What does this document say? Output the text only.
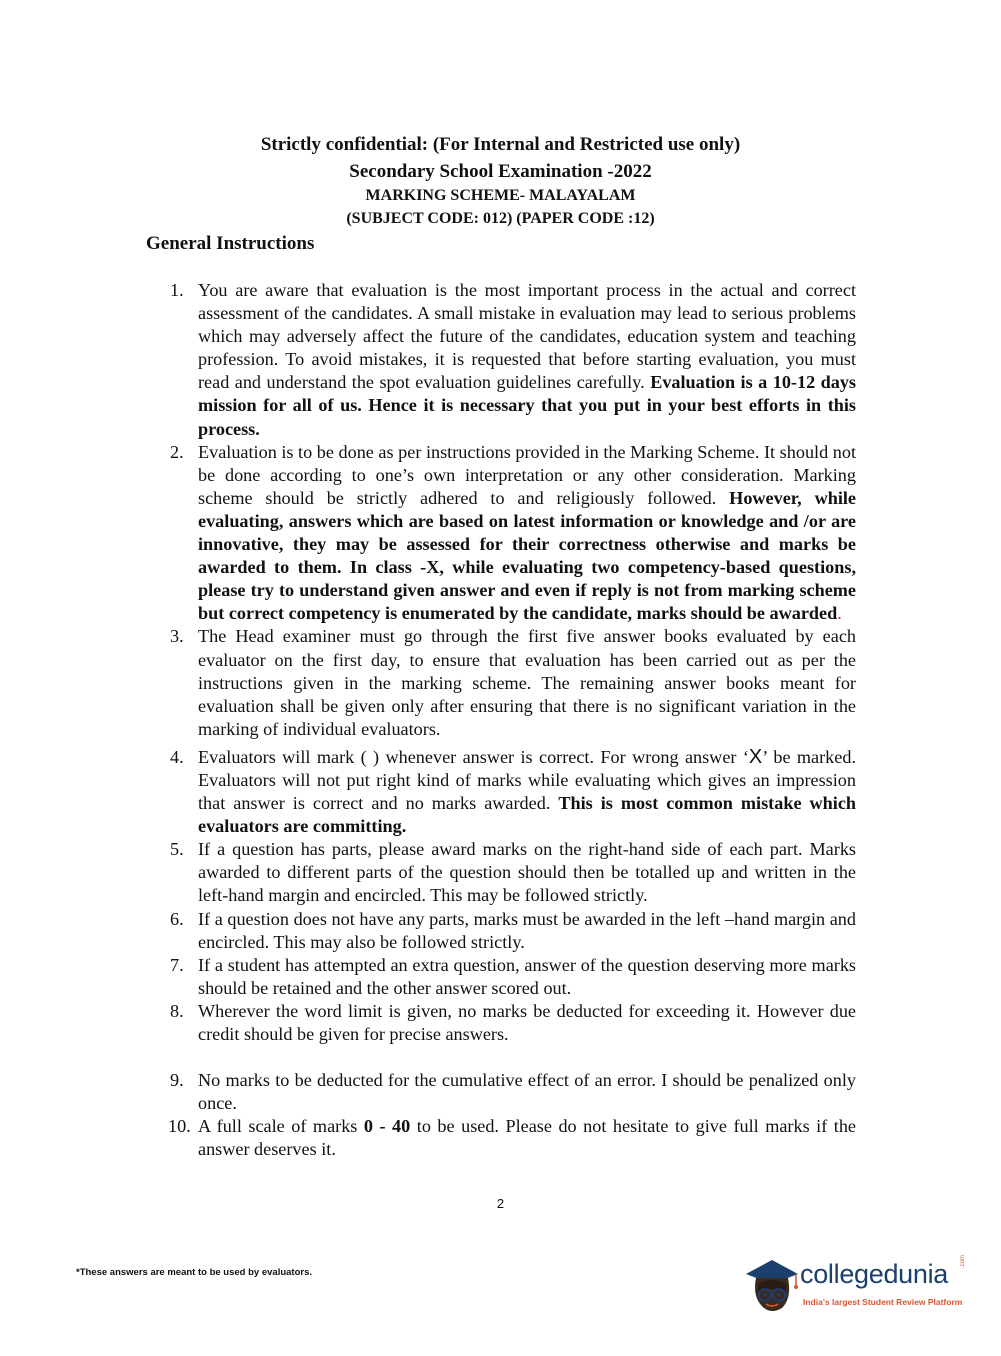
Strictly confidential: (For Internal and Restricted use only)
Secondary School Examination -2022
MARKING SCHEME- MALAYALAM
(SUBJECT CODE: 012) (PAPER CODE :12)
General Instructions
1. You are aware that evaluation is the most important process in the actual and correct assessment of the candidates. A small mistake in evaluation may lead to serious problems which may adversely affect the future of the candidates, education system and teaching profession. To avoid mistakes, it is requested that before starting evaluation, you must read and understand the spot evaluation guidelines carefully. Evaluation is a 10-12 days mission for all of us. Hence it is necessary that you put in your best efforts in this process.
2. Evaluation is to be done as per instructions provided in the Marking Scheme. It should not be done according to one’s own interpretation or any other consideration. Marking scheme should be strictly adhered to and religiously followed. However, while evaluating, answers which are based on latest information or knowledge and /or are innovative, they may be assessed for their correctness otherwise and marks be awarded to them. In class -X, while evaluating two competency-based questions, please try to understand given answer and even if reply is not from marking scheme but correct competency is enumerated by the candidate, marks should be awarded.
3. The Head examiner must go through the first five answer books evaluated by each evaluator on the first day, to ensure that evaluation has been carried out as per the instructions given in the marking scheme. The remaining answer books meant for evaluation shall be given only after ensuring that there is no significant variation in the marking of individual evaluators.
4. Evaluators will mark ( ) whenever answer is correct. For wrong answer ‘X’ be marked. Evaluators will not put right kind of marks while evaluating which gives an impression that answer is correct and no marks awarded. This is most common mistake which evaluators are committing.
5. If a question has parts, please award marks on the right-hand side of each part. Marks awarded to different parts of the question should then be totalled up and written in the left-hand margin and encircled. This may be followed strictly.
6. If a question does not have any parts, marks must be awarded in the left –hand margin and encircled. This may also be followed strictly.
7. If a student has attempted an extra question, answer of the question deserving more marks should be retained and the other answer scored out.
8. Wherever the word limit is given, no marks be deducted for exceeding it. However due credit should be given for precise answers.
9. No marks to be deducted for the cumulative effect of an error. I should be penalized only once.
10. A full scale of marks 0 - 40 to be used. Please do not hesitate to give full marks if the answer deserves it.
2
*These answers are meant to be used by evaluators.	collegedunia .com
India's largest Student Review Platform
